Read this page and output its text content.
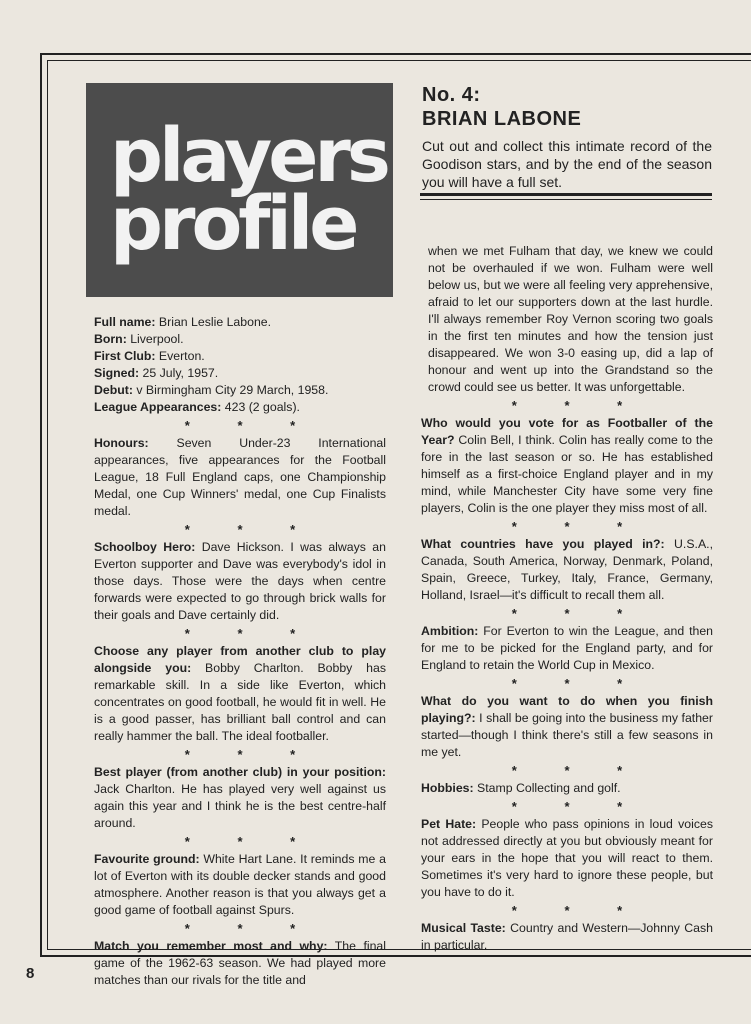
players
profile
No. 4:
BRIAN LABONE
Cut out and collect this intimate record of the Goodison stars, and by the end of the season you will have a full set.

Full name: Brian Leslie Labone.

Born: Liverpool.

First Club: Everton.

Signed: 25 July, 1957.

Debut: v Birmingham City 29 March, 1958.

League Appearances: 423 (2 goals).

* * *

Honours: Seven Under-23 International appearances, five appearances for the Football League, 18 Full England caps, one Championship Medal, one Cup Winners' medal, one Cup Finalists medal.

* * *

Schoolboy Hero: Dave Hickson. I was always an Everton supporter and Dave was everybody's idol in those days. Those were the days when centre forwards were expected to go through brick walls for their goals and Dave certainly did.

* * *

Choose any player from another club to play alongside you: Bobby Charlton. Bobby has remarkable skill. In a side like Everton, which concentrates on good football, he would fit in well. He is a good passer, has brilliant ball control and can really hammer the ball. The ideal footballer.

* * *

Best player (from another club) in your position: Jack Charlton. He has played very well against us again this year and I think he is the best centre-half around.

* * *

Favourite ground: White Hart Lane. It reminds me a lot of Everton with its double decker stands and good atmosphere. Another reason is that you always get a good game of football against Spurs.

* * *

Match you remember most and why: The final game of the 1962-63 season. We had played more matches than our rivals for the title and

when we met Fulham that day, we knew we could not be overhauled if we won. Fulham were well below us, but we were all feeling very apprehensive, afraid to let our supporters down at the last hurdle. I'll always remember Roy Vernon scoring two goals in the first ten minutes and how the tension just disappeared. We won 3-0 easing up, did a lap of honour and went up into the Grandstand so the crowd could see us better. It was unforgettable.

* * *

Who would you vote for as Footballer of the Year? Colin Bell, I think. Colin has really come to the fore in the last season or so. He has established himself as a first-choice England player and in my mind, while Manchester City have some very fine players, Colin is the one player they miss most of all.

* * *

What countries have you played in?: U.S.A., Canada, South America, Norway, Denmark, Poland, Spain, Greece, Turkey, Italy, France, Germany, Holland, Israel—it's difficult to recall them all.

* * *

Ambition: For Everton to win the League, and then for me to be picked for the England party, and for England to retain the World Cup in Mexico.

* * *

What do you want to do when you finish playing?: I shall be going into the business my father started—though I think there's still a few seasons in me yet.

* * *

Hobbies: Stamp Collecting and golf.

* * *

Pet Hate: People who pass opinions in loud voices not addressed directly at you but obviously meant for your ears in the hope that you will react to them. Sometimes it's very hard to ignore these people, but you have to do it.

* * *

Musical Taste: Country and Western—Johnny Cash in particular.

8
